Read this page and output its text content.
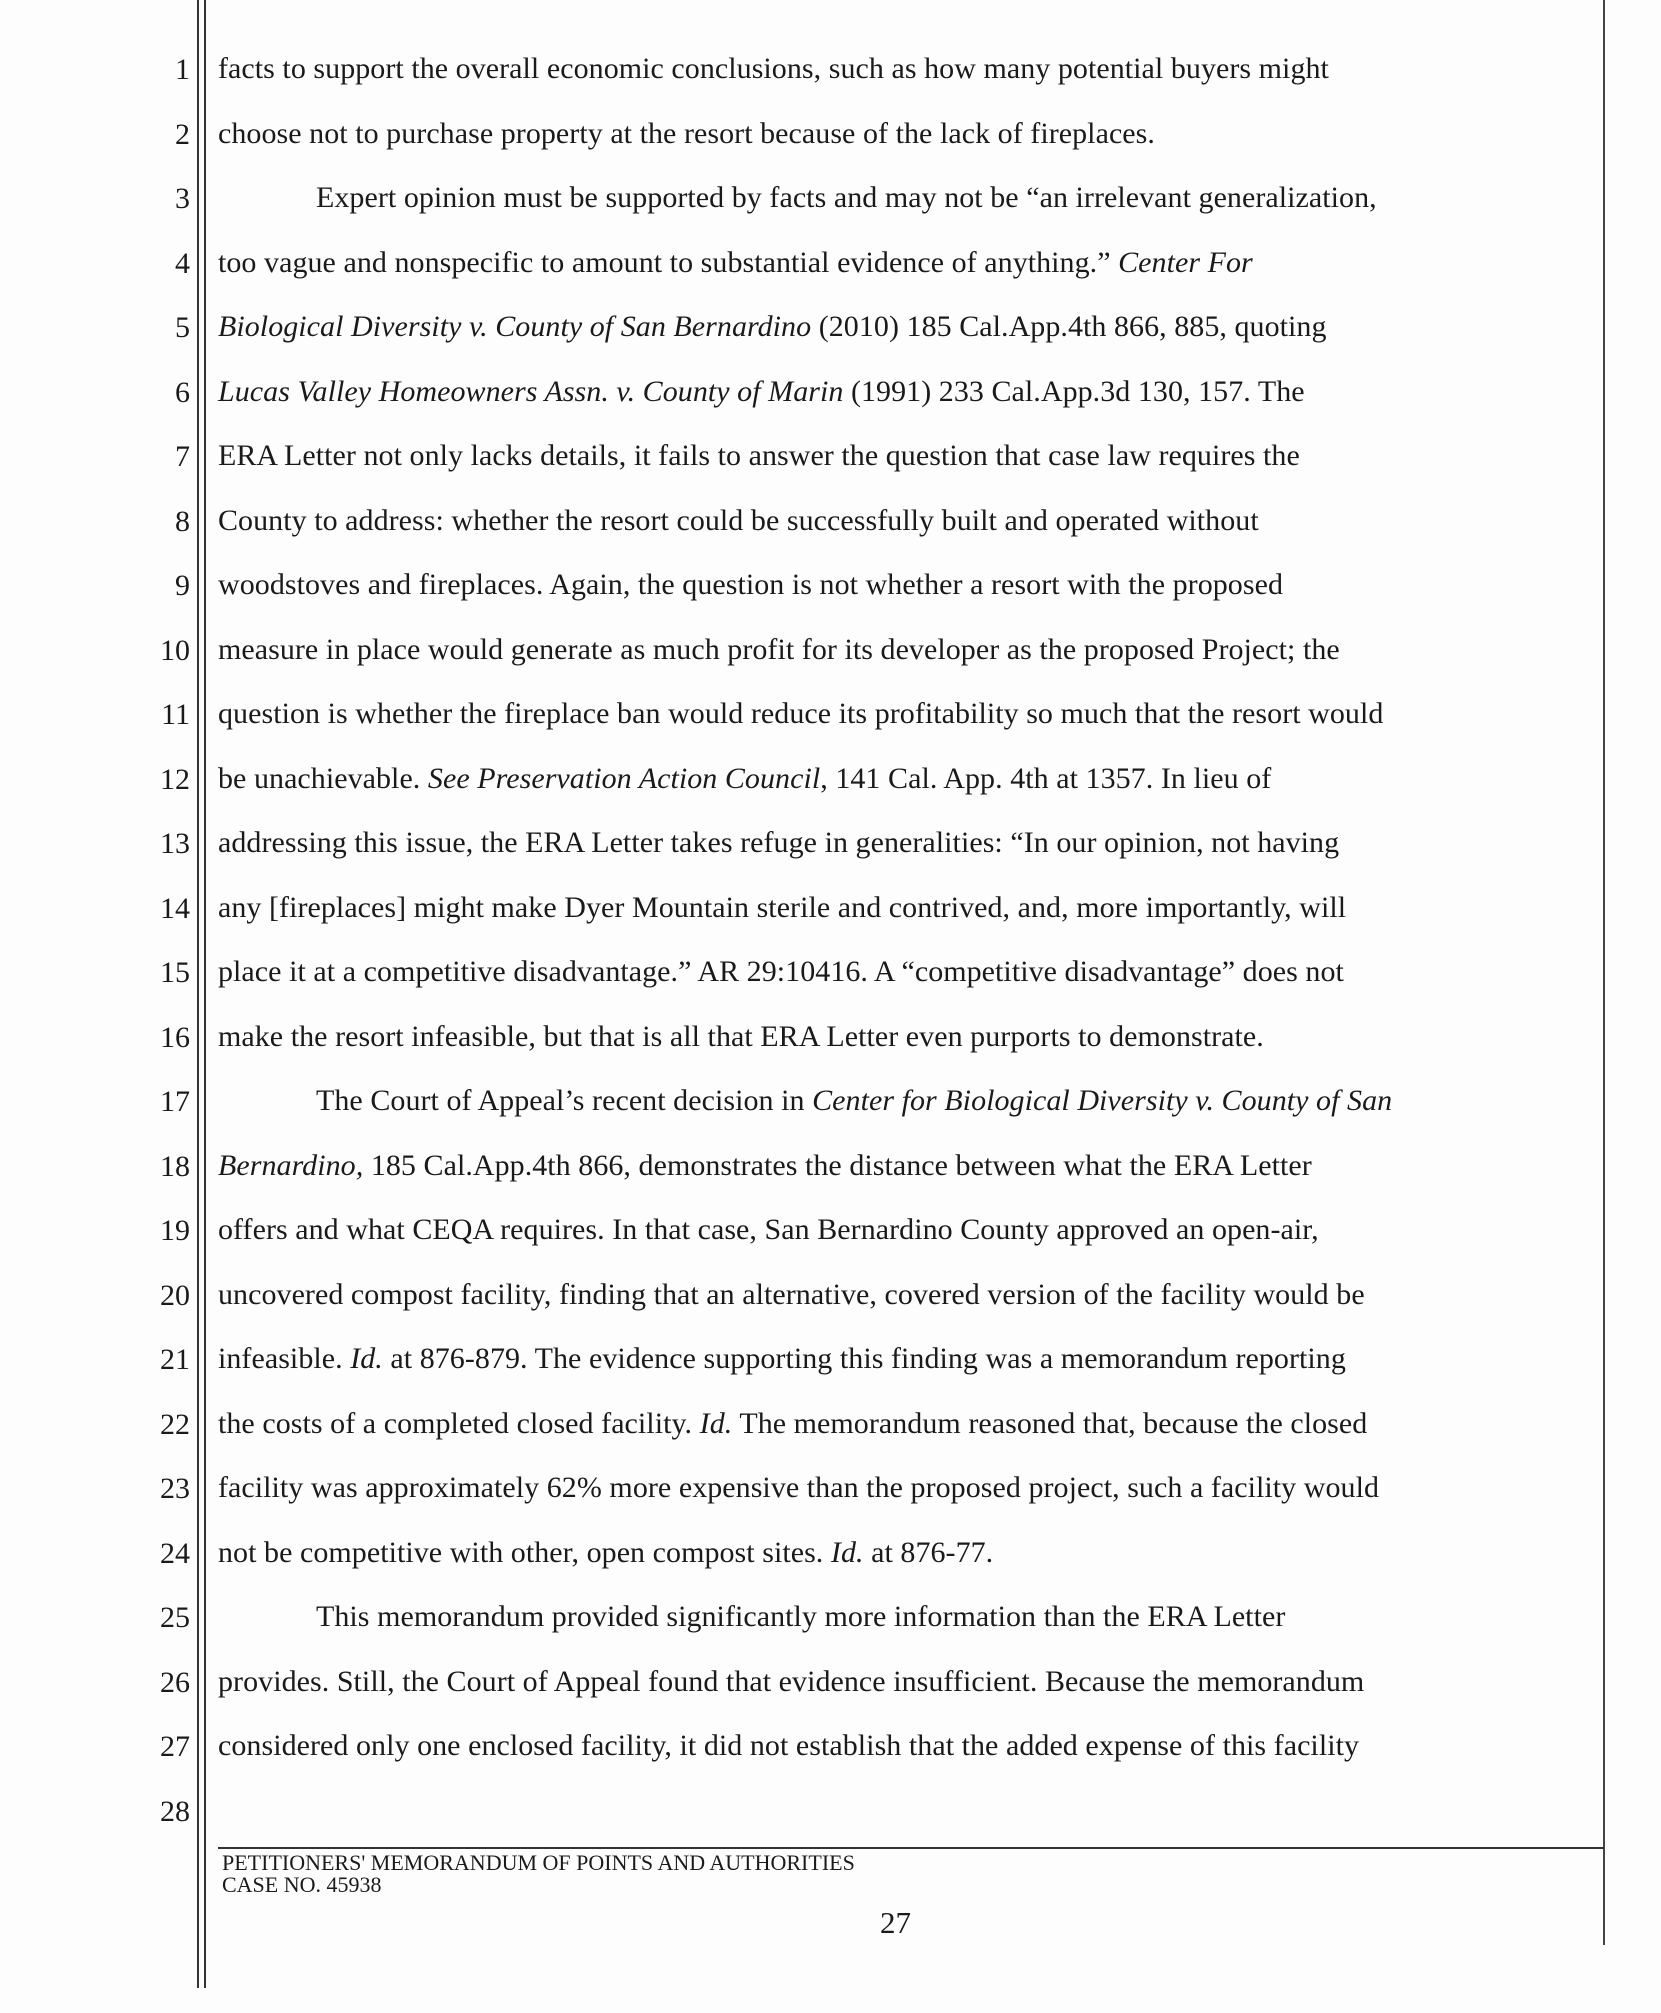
1
2
3
4
5
6
7
8
9
10
11
12
13
14
15
16
17
18
19
20
21
22
23
24
25
26
27
28
facts to support the overall economic conclusions, such as how many potential buyers might
choose not to purchase property at the resort because of the lack of fireplaces.
Expert opinion must be supported by facts and may not be “an irrelevant generalization,
too vague and nonspecific to amount to substantial evidence of anything.” Center For
Biological Diversity v. County of San Bernardino (2010) 185 Cal.App.4th 866, 885, quoting
Lucas Valley Homeowners Assn. v. County of Marin (1991) 233 Cal.App.3d 130, 157. The
ERA Letter not only lacks details, it fails to answer the question that case law requires the
County to address: whether the resort could be successfully built and operated without
woodstoves and fireplaces. Again, the question is not whether a resort with the proposed
measure in place would generate as much profit for its developer as the proposed Project; the
question is whether the fireplace ban would reduce its profitability so much that the resort would
be unachievable. See Preservation Action Council, 141 Cal. App. 4th at 1357. In lieu of
addressing this issue, the ERA Letter takes refuge in generalities: “In our opinion, not having
any [fireplaces] might make Dyer Mountain sterile and contrived, and, more importantly, will
place it at a competitive disadvantage.” AR 29:10416. A “competitive disadvantage” does not
make the resort infeasible, but that is all that ERA Letter even purports to demonstrate.
The Court of Appeal’s recent decision in Center for Biological Diversity v. County of San
Bernardino, 185 Cal.App.4th 866, demonstrates the distance between what the ERA Letter
offers and what CEQA requires. In that case, San Bernardino County approved an open-air,
uncovered compost facility, finding that an alternative, covered version of the facility would be
infeasible. Id. at 876-879. The evidence supporting this finding was a memorandum reporting
the costs of a completed closed facility. Id. The memorandum reasoned that, because the closed
facility was approximately 62% more expensive than the proposed project, such a facility would
not be competitive with other, open compost sites. Id. at 876-77.
This memorandum provided significantly more information than the ERA Letter
provides. Still, the Court of Appeal found that evidence insufficient. Because the memorandum
considered only one enclosed facility, it did not establish that the added expense of this facility
PETITIONERS' MEMORANDUM OF POINTS AND AUTHORITIES
CASE NO. 45938
27
